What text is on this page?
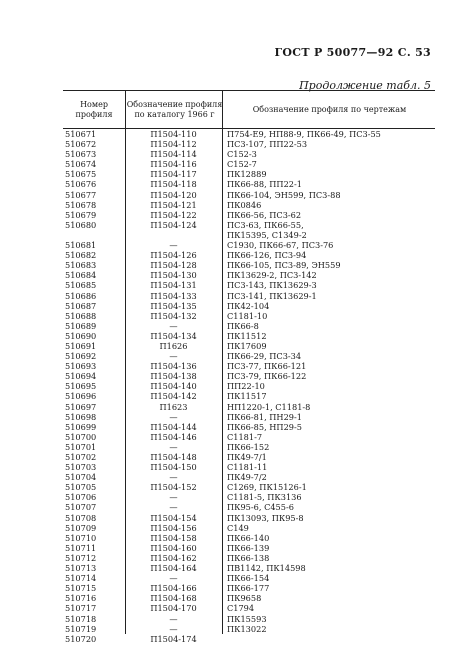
ГОСТ Р 50077—92 С. 53
Продолжение табл. 5
Номер профиля
Обозначение профиля по каталогу 1966 г
Обозначение профиля по чертежам
510671	П1504-110	П754-Е9, НП88-9, ПК66-49, ПС3-55
510672	П1504-112	ПС3-107, ПП22-53
510673	П1504-114	С152-3
510674	П1504-116	С152-7
510675	П1504-117	ПК12889
510676	П1504-118	ПК66-88, ПП22-1
510677	П1504-120	ПК66-104, ЭН599, ПС3-88
510678	П1504-121	ПК0846
510679	П1504-122	ПК66-56, ПС3-62
510680	П1504-124	ПС3-63, ПК66-55,
ПК15395, С1349-2
510681	—	С1930, ПК66-67, ПС3-76
510682	П1504-126	ПК66-126, ПС3-94
510683	П1504-128	ПК66-105, ПС3-89, ЭН559
510684	П1504-130	ПК13629-2, ПС3-142
510685	П1504-131	ПС3-143, ПК13629-3
510686	П1504-133	ПС3-141, ПК13629-1
510687	П1504-135	ПК42-104
510688	П1504-132	С1181-10
510689	—	ПК66-8
510690	П1504-134	ПК11512
510691	П1626	ПК17609
510692	—	ПК66-29, ПС3-34
510693	П1504-136	ПС3-77, ПК66-121
510694	П1504-138	ПС3-79, ПК66-122
510695	П1504-140	ПП22-10
510696	П1504-142	ПК11517
510697	П1623	НП1220-1, С1181-8
510698	—	ПК66-81, ПН29-1
510699	П1504-144	ПК66-85, НП29-5
510700	П1504-146	С1181-7
510701	—	ПК66-152
510702	П1504-148	ПК49-7/1
510703	П1504-150	С1181-11
510704	—	ПК49-7/2
510705	П1504-152	С1269, ПК15126-1
510706	—	С1181-5, ПК3136
510707	—	ПК95-6, С455-6
510708	П1504-154	ПК13093, ПК95-8
510709	П1504-156	С149
510710	П1504-158	ПК66-140
510711	П1504-160	ПК66-139
510712	П1504-162	ПК66-138
510713	П1504-164	ПВ1142, ПК14598
510714	—	ПК66-154
510715	П1504-166	ПК66-177
510716	П1504-168	ПК9658
510717	П1504-170	С1794
510718	—	ПК15593
510719	—	ПК13022
510720	П1504-174
